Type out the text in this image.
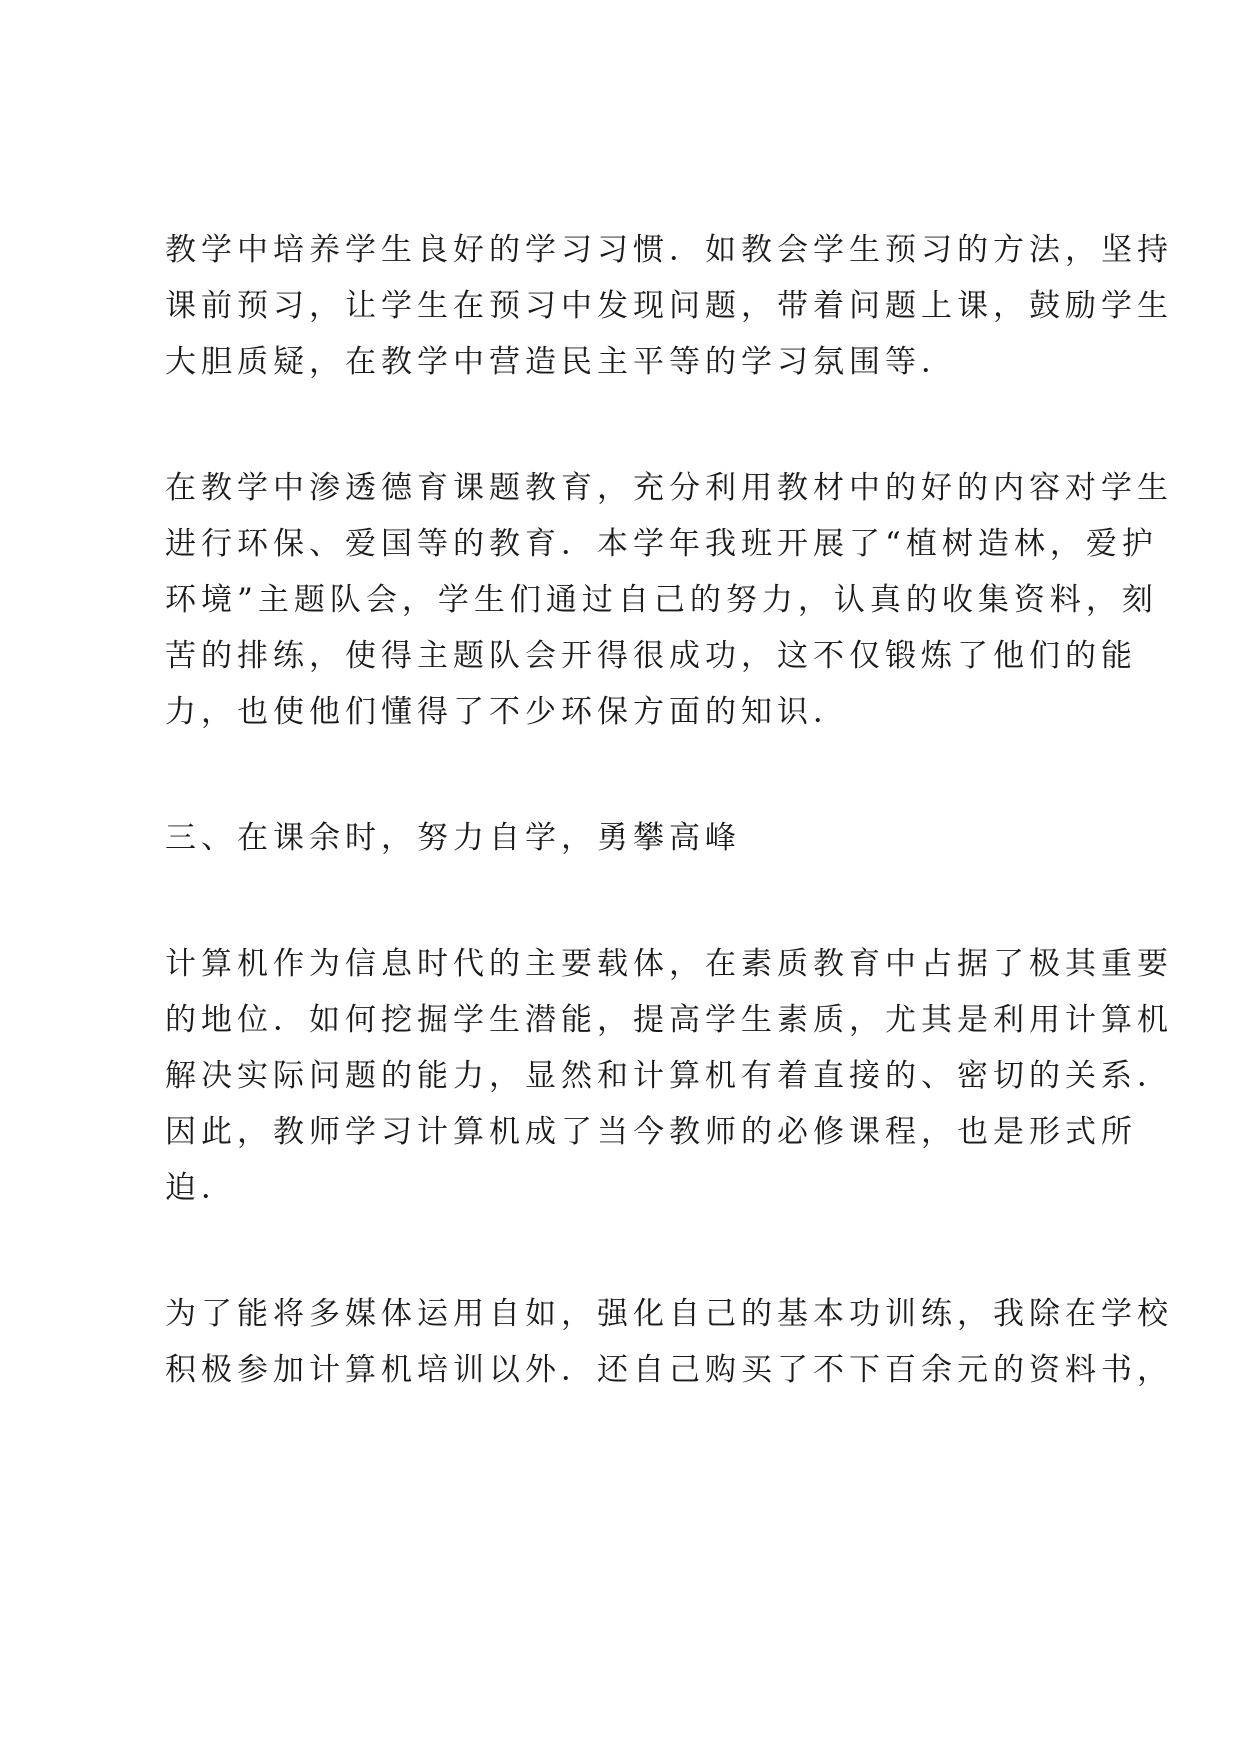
教学中培养学生良好的学习习惯．如教会学生预习的方法，坚持
课前预习，让学生在预习中发现问题，带着问题上课，鼓励学生
大胆质疑，在教学中营造民主平等的学习氛围等．
在教学中渗透德育课题教育，充分利用教材中的好的内容对学生
进行环保、爱国等的教育．本学年我班开展了“植树造林，爱护
环境”主题队会，学生们通过自己的努力，认真的收集资料，刻
苦的排练，使得主题队会开得很成功，这不仅锻炼了他们的能
力，也使他们懂得了不少环保方面的知识．
三、在课余时，努力自学，勇攀高峰
计算机作为信息时代的主要载体，在素质教育中占据了极其重要
的地位．如何挖掘学生潜能，提高学生素质，尤其是利用计算机
解决实际问题的能力，显然和计算机有着直接的、密切的关系．
因此，教师学习计算机成了当今教师的必修课程，也是形式所
迫．
为了能将多媒体运用自如，强化自己的基本功训练，我除在学校
积极参加计算机培训以外．还自己购买了不下百余元的资料书，
